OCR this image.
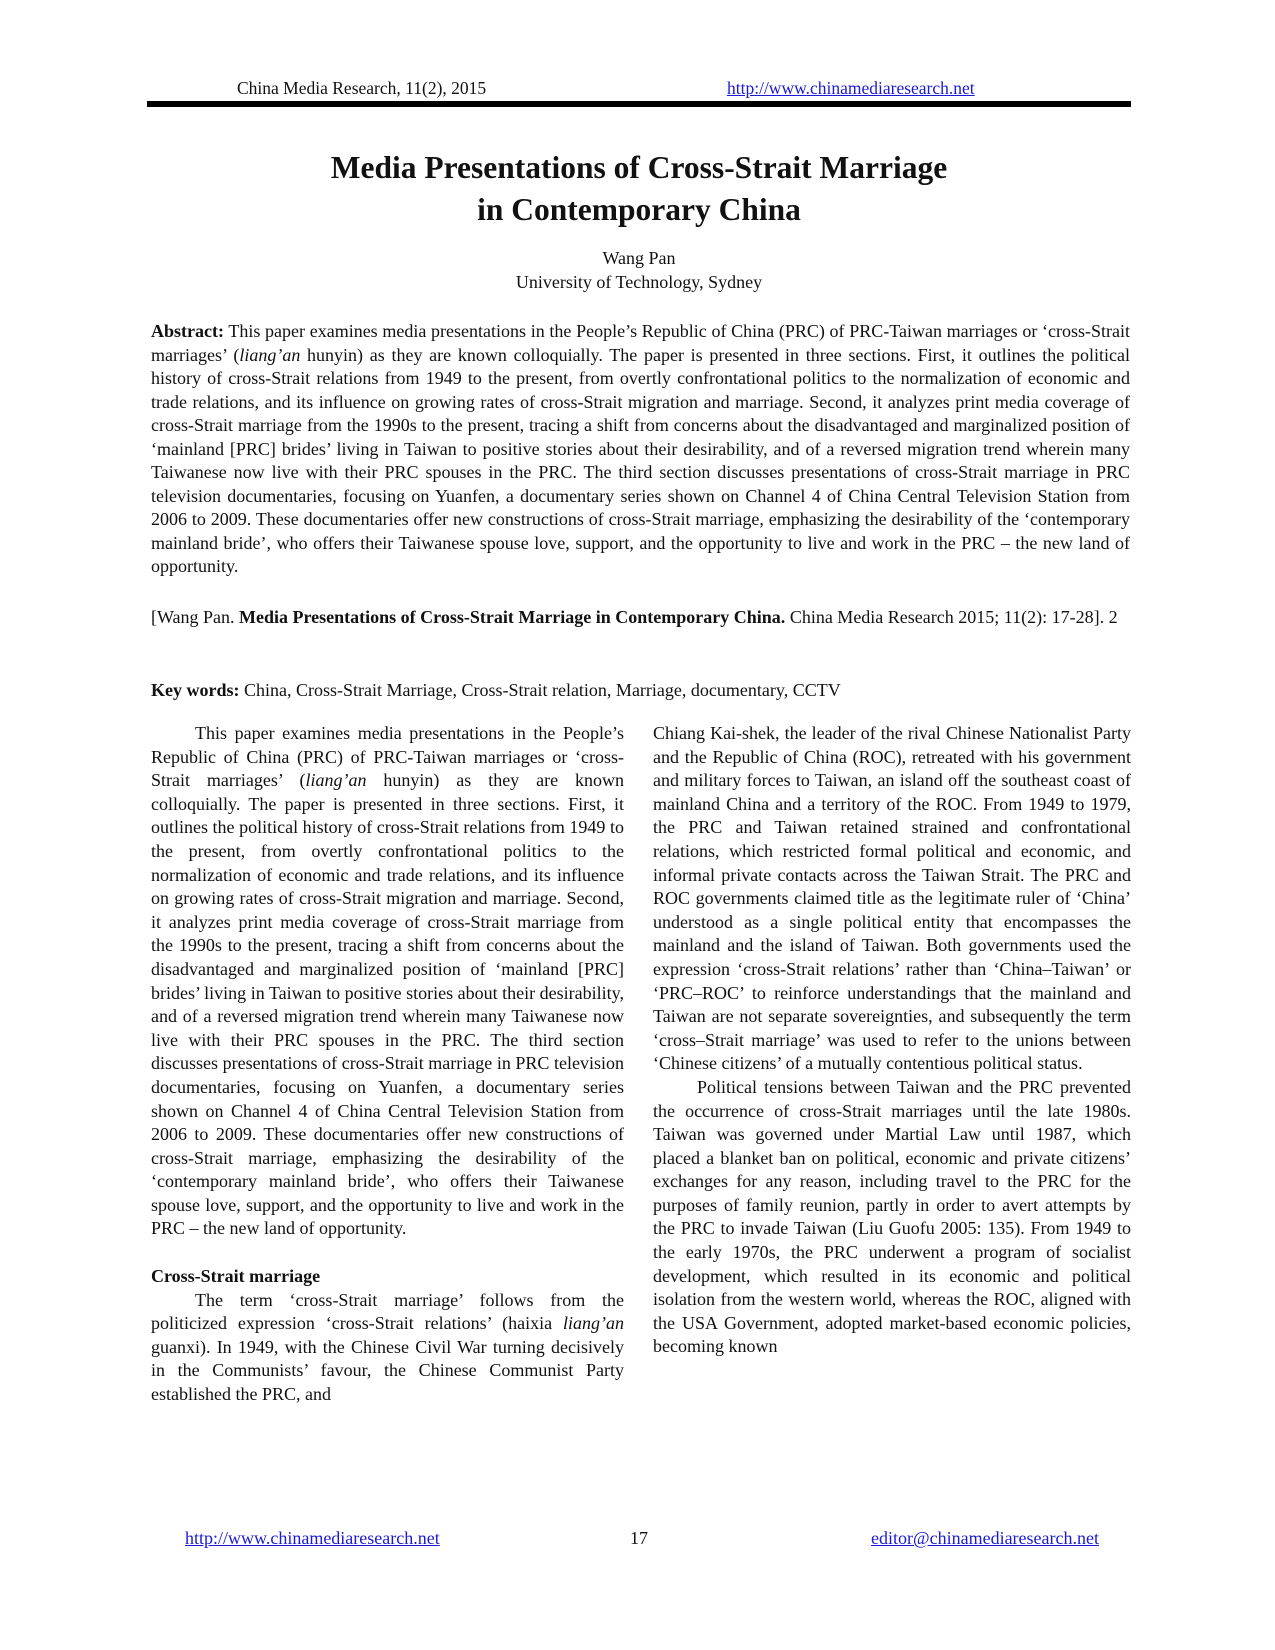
China Media Research, 11(2), 2015	http://www.chinamediaresearch.net
Media Presentations of Cross-Strait Marriage
in Contemporary China
Wang Pan
University of Technology, Sydney

Abstract: This paper examines media presentations in the People’s Republic of China (PRC) of PRC-Taiwan marriages or ‘cross-Strait marriages’ (liang’an hunyin) as they are known colloquially. The paper is presented in three sections. First, it outlines the political history of cross-Strait relations from 1949 to the present, from overtly confrontational politics to the normalization of economic and trade relations, and its influence on growing rates of cross-Strait migration and marriage. Second, it analyzes print media coverage of cross-Strait marriage from the 1990s to the present, tracing a shift from concerns about the disadvantaged and marginalized position of ‘mainland [PRC] brides’ living in Taiwan to positive stories about their desirability, and of a reversed migration trend wherein many Taiwanese now live with their PRC spouses in the PRC. The third section discusses presentations of cross-Strait marriage in PRC television documentaries, focusing on Yuanfen, a documentary series shown on Channel 4 of China Central Television Station from 2006 to 2009. These documentaries offer new constructions of cross-Strait marriage, emphasizing the desirability of the ‘contemporary mainland bride’, who offers their Taiwanese spouse love, support, and the opportunity to live and work in the PRC – the new land of opportunity.

[Wang Pan. Media Presentations of Cross-Strait Marriage in Contemporary China. China Media Research 2015; 11(2): 17-28]. 2

Key words: China, Cross-Strait Marriage, Cross-Strait relation, Marriage, documentary, CCTV

This paper examines media presentations in the People’s Republic of China (PRC) of PRC-Taiwan marriages or ‘cross-Strait marriages’ (liang’an hunyin) as they are known colloquially. The paper is presented in three sections. First, it outlines the political history of cross-Strait relations from 1949 to the present, from overtly confrontational politics to the normalization of economic and trade relations, and its influence on growing rates of cross-Strait migration and marriage. Second, it analyzes print media coverage of cross-Strait marriage from the 1990s to the present, tracing a shift from concerns about the disadvantaged and marginalized position of ‘mainland [PRC] brides’ living in Taiwan to positive stories about their desirability, and of a reversed migration trend wherein many Taiwanese now live with their PRC spouses in the PRC. The third section discusses presentations of cross-Strait marriage in PRC television documentaries, focusing on Yuanfen, a documentary series shown on Channel 4 of China Central Television Station from 2006 to 2009. These documentaries offer new constructions of cross-Strait marriage, emphasizing the desirability of the ‘contemporary mainland bride’, who offers their Taiwanese spouse love, support, and the opportunity to live and work in the PRC – the new land of opportunity.

Cross-Strait marriage

The term ‘cross-Strait marriage’ follows from the politicized expression ‘cross-Strait relations’ (haixia liang’an guanxi). In 1949, with the Chinese Civil War turning decisively in the Communists’ favour, the Chinese Communist Party established the PRC, and

Chiang Kai-shek, the leader of the rival Chinese Nationalist Party and the Republic of China (ROC), retreated with his government and military forces to Taiwan, an island off the southeast coast of mainland China and a territory of the ROC. From 1949 to 1979, the PRC and Taiwan retained strained and confrontational relations, which restricted formal political and economic, and informal private contacts across the Taiwan Strait. The PRC and ROC governments claimed title as the legitimate ruler of ‘China’ understood as a single political entity that encompasses the mainland and the island of Taiwan. Both governments used the expression ‘cross-Strait relations’ rather than ‘China–Taiwan’ or ‘PRC–ROC’ to reinforce understandings that the mainland and Taiwan are not separate sovereignties, and subsequently the term ‘cross–Strait marriage’ was used to refer to the unions between ‘Chinese citizens’ of a mutually contentious political status.

Political tensions between Taiwan and the PRC prevented the occurrence of cross-Strait marriages until the late 1980s. Taiwan was governed under Martial Law until 1987, which placed a blanket ban on political, economic and private citizens’ exchanges for any reason, including travel to the PRC for the purposes of family reunion, partly in order to avert attempts by the PRC to invade Taiwan (Liu Guofu 2005: 135). From 1949 to the early 1970s, the PRC underwent a program of socialist development, which resulted in its economic and political isolation from the western world, whereas the ROC, aligned with the USA Government, adopted market-based economic policies, becoming known

http://www.chinamediaresearch.net	17	editor@chinamediaresearch.net
